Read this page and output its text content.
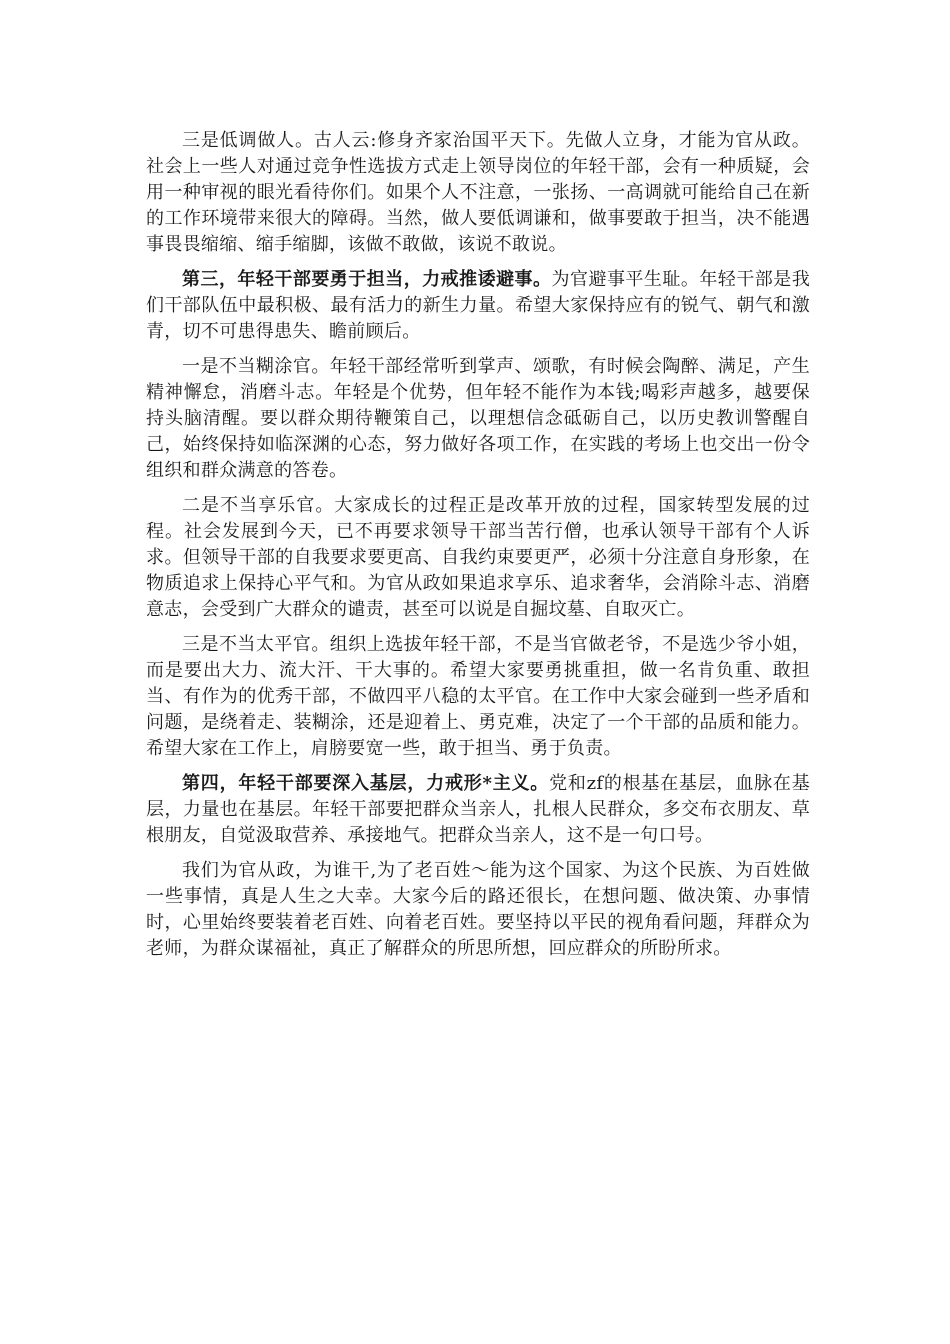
三是低调做人。古人云:修身齐家治国平天下。先做人立身，才能为官从政。社会上一些人对通过竞争性选拔方式走上领导岗位的年轻干部，会有一种质疑，会用一种审视的眼光看待你们。如果个人不注意，一张扬、一高调就可能给自己在新的工作环境带来很大的障碍。当然，做人要低调谦和，做事要敢于担当，决不能遇事畏畏缩缩、缩手缩脚，该做不敢做，该说不敢说。

第三，年轻干部要勇于担当，力戒推诿避事。为官避事平生耻。年轻干部是我们干部队伍中最积极、最有活力的新生力量。希望大家保持应有的锐气、朝气和激青，切不可患得患失、瞻前顾后。

一是不当糊涂官。年轻干部经常听到掌声、颂歌，有时候会陶醉、满足，产生精神懈怠，消磨斗志。年轻是个优势，但年轻不能作为本钱;喝彩声越多，越要保持头脑清醒。要以群众期待鞭策自己，以理想信念砥砺自己，以历史教训警醒自己，始终保持如临深渊的心态，努力做好各项工作，在实践的考场上也交出一份令组织和群众满意的答卷。

二是不当享乐官。大家成长的过程正是改革开放的过程，国家转型发展的过程。社会发展到今天，已不再要求领导干部当苦行僧，也承认领导干部有个人诉求。但领导干部的自我要求要更高、自我约束要更严，必须十分注意自身形象，在物质追求上保持心平气和。为官从政如果追求享乐、追求奢华，会消除斗志、消磨意志，会受到广大群众的谴责，甚至可以说是自掘坟墓、自取灭亡。

三是不当太平官。组织上选拔年轻干部，不是当官做老爷，不是选少爷小姐，而是要出大力、流大汗、干大事的。希望大家要勇挑重担，做一名肯负重、敢担当、有作为的优秀干部，不做四平八稳的太平官。在工作中大家会碰到一些矛盾和问题，是绕着走、装糊涂，还是迎着上、勇克难，决定了一个干部的品质和能力。希望大家在工作上，肩膀要宽一些，敢于担当、勇于负责。

第四，年轻干部要深入基层，力戒形*主义。党和zf的根基在基层，血脉在基层，力量也在基层。年轻干部要把群众当亲人，扎根人民群众，多交布衣朋友、草根朋友，自觉汲取营养、承接地气。把群众当亲人，这不是一句口号。

我们为官从政，为谁干,为了老百姓～能为这个国家、为这个民族、为百姓做一些事情，真是人生之大幸。大家今后的路还很长，在想问题、做决策、办事情时，心里始终要装着老百姓、向着老百姓。要坚持以平民的视角看问题，拜群众为老师，为群众谋福祉，真正了解群众的所思所想，回应群众的所盼所求。
